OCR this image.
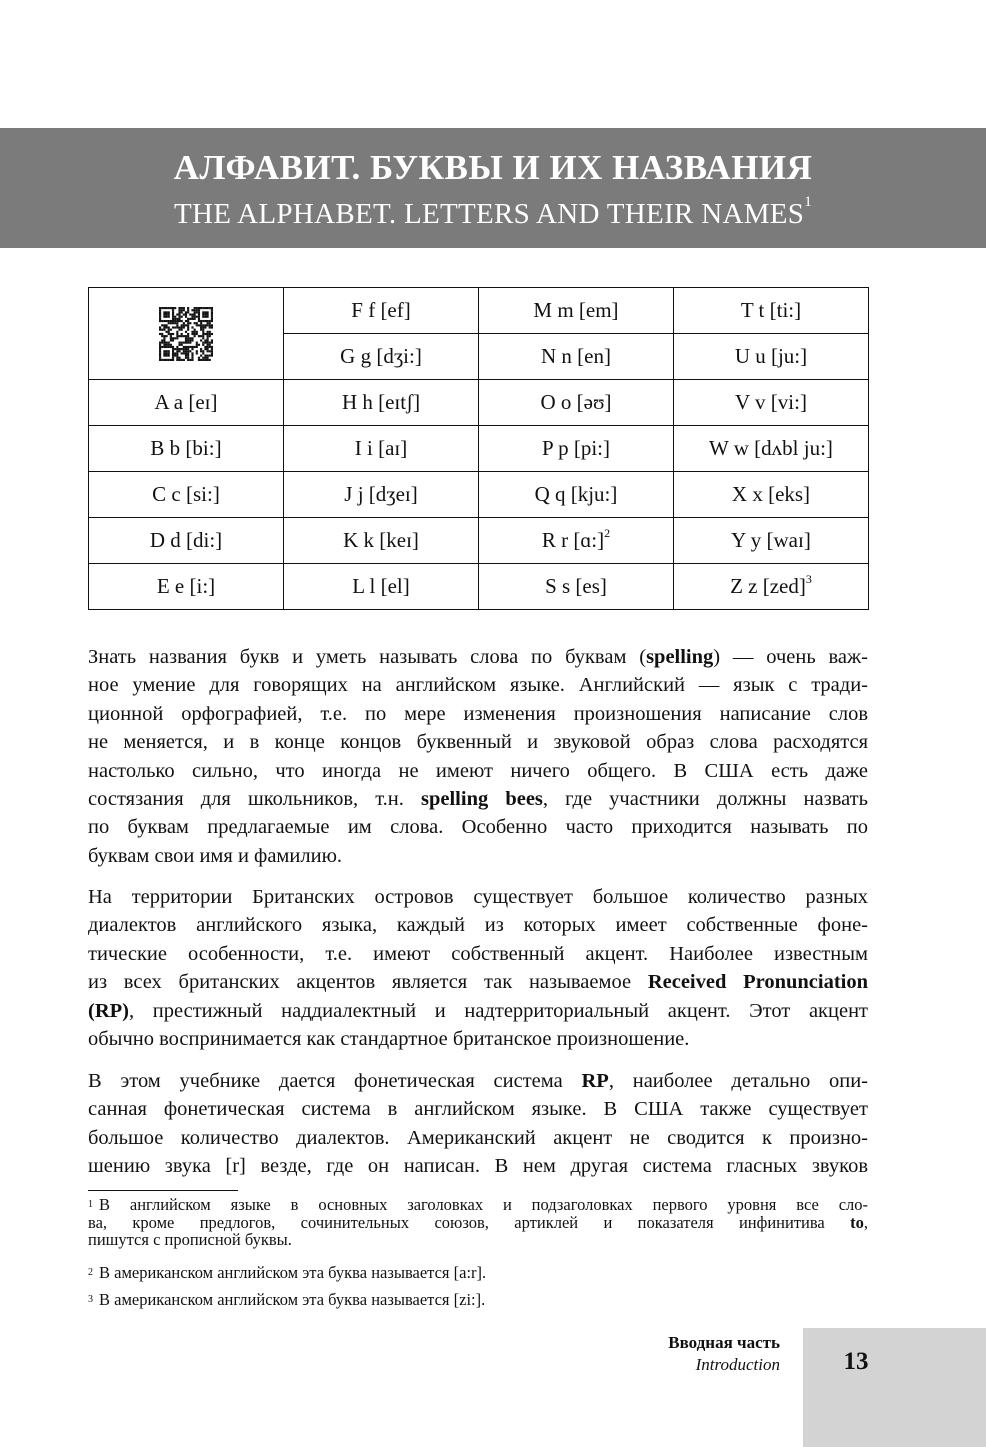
АЛФАВИТ. БУКВЫ И ИХ НАЗВАНИЯ
THE ALPHABET. LETTERS AND THEIR NAMES$^1$
	F f [ef]	M m [em]	T t [ti:]
	G g [dʒi:]	N n [en]	U u [ju:]
A a [eɪ]	H h [eɪtʃ]	O o [əʊ]	V v [vi:]
B b [bi:]	I i [aɪ]	P p [pi:]	W w [dʌbl ju:]
C c [si:]	J j [dʒeɪ]	Q q [kju:]	X x [eks]
D d [di:]	K k [keɪ]	R r [ɑ:]$^2$	Y y [waɪ]
E e [i:]	L l [el]	S s [es]	Z z [zed]$^3$
Знать названия букв и уметь называть слова по буквам (spelling) — очень важ-
ное умение для говорящих на английском языке. Английский — язык с тради-
ционной орфографией, т.е. по мере изменения произношения написание слов
не меняется, и в конце концов буквенный и звуковой образ слова расходятся
настолько сильно, что иногда не имеют ничего общего. В США есть даже
состязания для школьников, т.н. spelling bees, где участники должны назвать
по буквам предлагаемые им слова. Особенно часто приходится называть по
буквам свои имя и фамилию.
На территории Британских островов существует большое количество разных
диалектов английского языка, каждый из которых имеет собственные фоне-
тические особенности, т.е. имеют собственный акцент. Наиболее известным
из всех британских акцентов является так называемое Received Pronunciation
(RP), престижный наддиалектный и надтерриториальный акцент. Этот акцент
обычно воспринимается как стандартное британское произношение.
В этом учебнике дается фонетическая система RP, наиболее детально опи-
санная фонетическая система в английском языке. В США также существует
большое количество диалектов. Американский акцент не сводится к произно-
шению звука [r] везде, где он написан. В нем другая система гласных звуков
$^1$ В английском языке в основных заголовках и подзаголовках первого уровня все сло-
ва, кроме предлогов, сочинительных союзов, артиклей и показателя инфинитива to,
пишутся с прописной буквы.
$^2$ В американском английском эта буква называется [a:r].
$^3$ В американском английском эта буква называется [zi:].
Вводная часть
Introduction	13
